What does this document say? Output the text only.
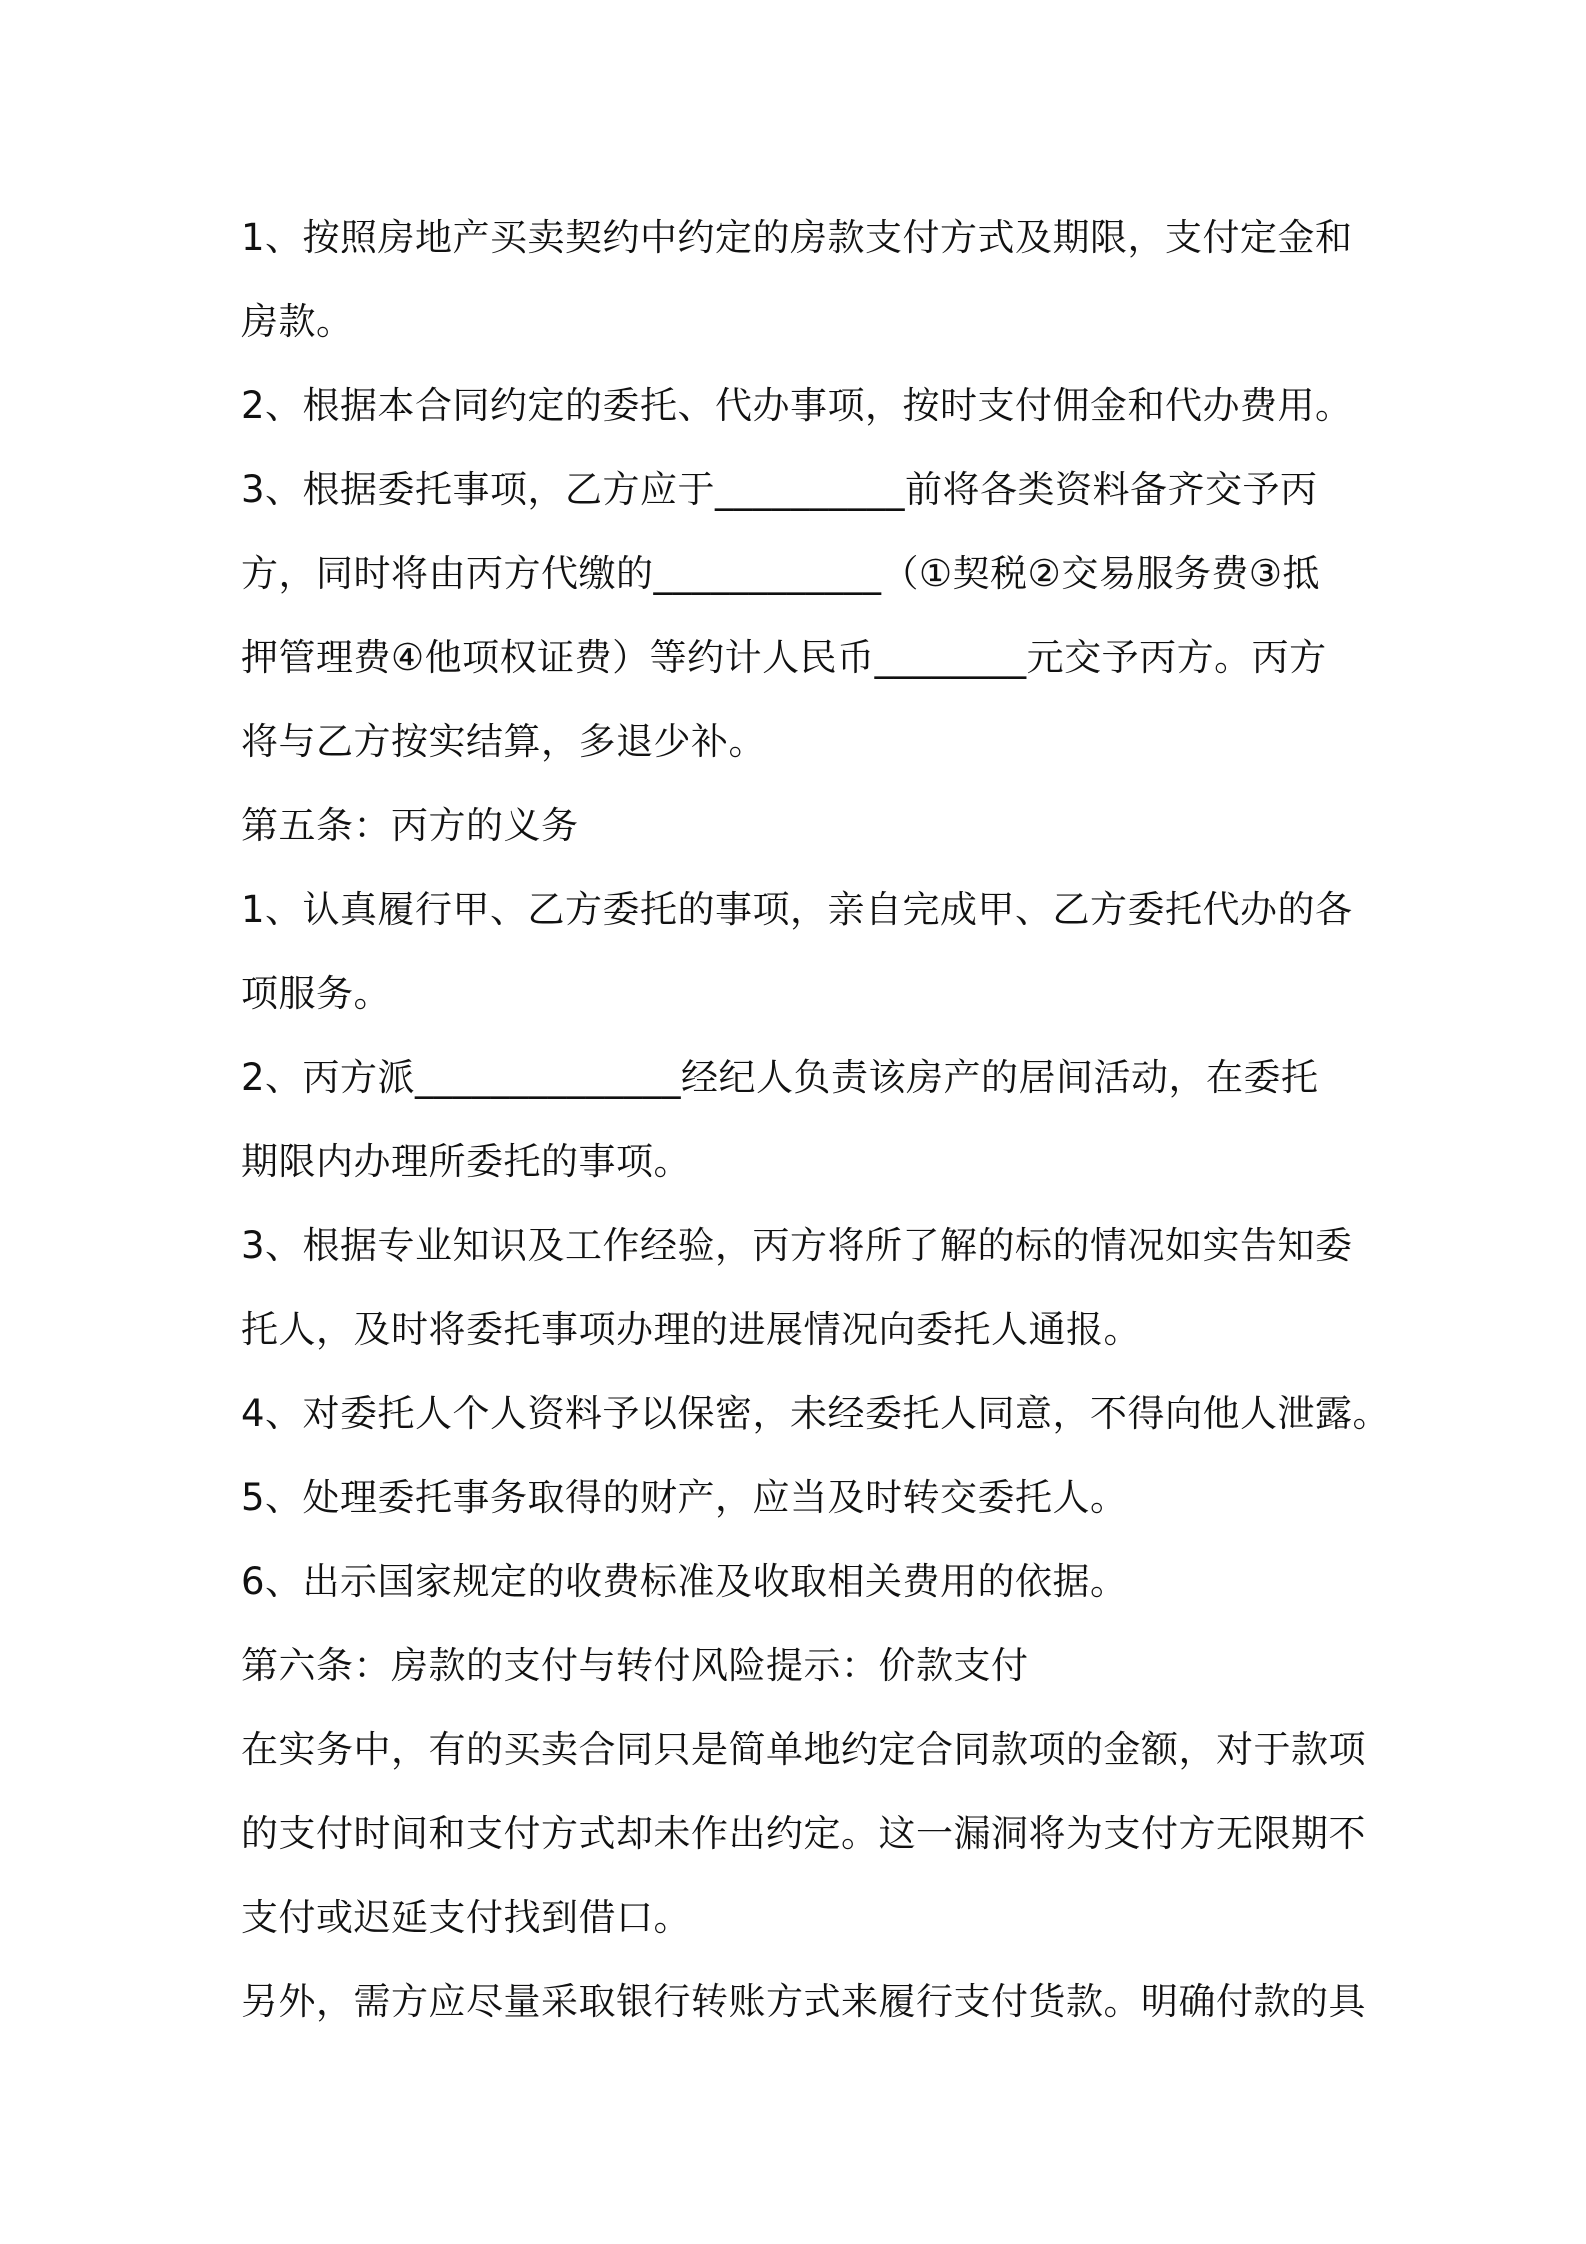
1、按照房地产买卖契约中约定的房款支付方式及期限，支付定金和
房款。
2、根据本合同约定的委托、代办事项，按时支付佣金和代办费用。
3、根据委托事项，乙方应于__________前将各类资料备齐交予丙
方，同时将由丙方代缴的____________（①契税②交易服务费③抵
押管理费④他项权证费）等约计人民币________元交予丙方。丙方
将与乙方按实结算，多退少补。
第五条：丙方的义务
1、认真履行甲、乙方委托的事项，亲自完成甲、乙方委托代办的各
项服务。
2、丙方派______________经纪人负责该房产的居间活动，在委托
期限内办理所委托的事项。
3、根据专业知识及工作经验，丙方将所了解的标的情况如实告知委
托人，及时将委托事项办理的进展情况向委托人通报。
4、对委托人个人资料予以保密，未经委托人同意，不得向他人泄露。
5、处理委托事务取得的财产，应当及时转交委托人。
6、出示国家规定的收费标准及收取相关费用的依据。
第六条：房款的支付与转付风险提示：价款支付
在实务中，有的买卖合同只是简单地约定合同款项的金额，对于款项
的支付时间和支付方式却未作出约定。这一漏洞将为支付方无限期不
支付或迟延支付找到借口。
另外，需方应尽量采取银行转账方式来履行支付货款。明确付款的具
